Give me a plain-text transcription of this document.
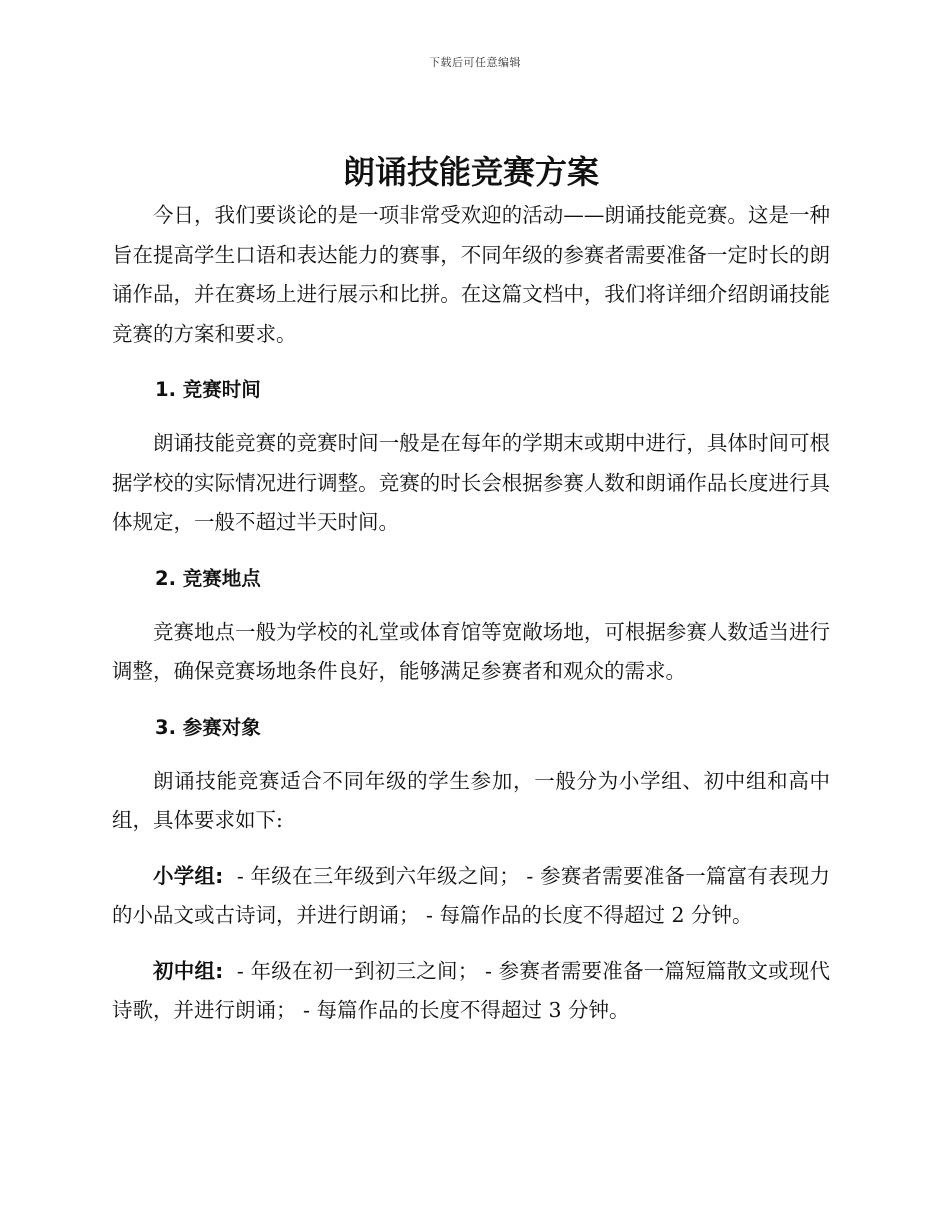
下载后可任意编辑
朗诵技能竞赛方案

今日，我们要谈论的是一项非常受欢迎的活动——朗诵技能竞赛。这是一种旨在提高学生口语和表达能力的赛事，不同年级的参赛者需要准备一定时长的朗诵作品，并在赛场上进行展示和比拼。在这篇文档中，我们将详细介绍朗诵技能竞赛的方案和要求。

1. 竞赛时间

朗诵技能竞赛的竞赛时间一般是在每年的学期末或期中进行，具体时间可根据学校的实际情况进行调整。竞赛的时长会根据参赛人数和朗诵作品长度进行具体规定，一般不超过半天时间。

2. 竞赛地点

竞赛地点一般为学校的礼堂或体育馆等宽敞场地，可根据参赛人数适当进行调整，确保竞赛场地条件良好，能够满足参赛者和观众的需求。

3. 参赛对象

朗诵技能竞赛适合不同年级的学生参加，一般分为小学组、初中组和高中组，具体要求如下:

小学组: - 年级在三年级到六年级之间； - 参赛者需要准备一篇富有表现力的小品文或古诗词，并进行朗诵； - 每篇作品的长度不得超过 2 分钟。

初中组: - 年级在初一到初三之间； - 参赛者需要准备一篇短篇散文或现代诗歌，并进行朗诵； - 每篇作品的长度不得超过 3 分钟。
